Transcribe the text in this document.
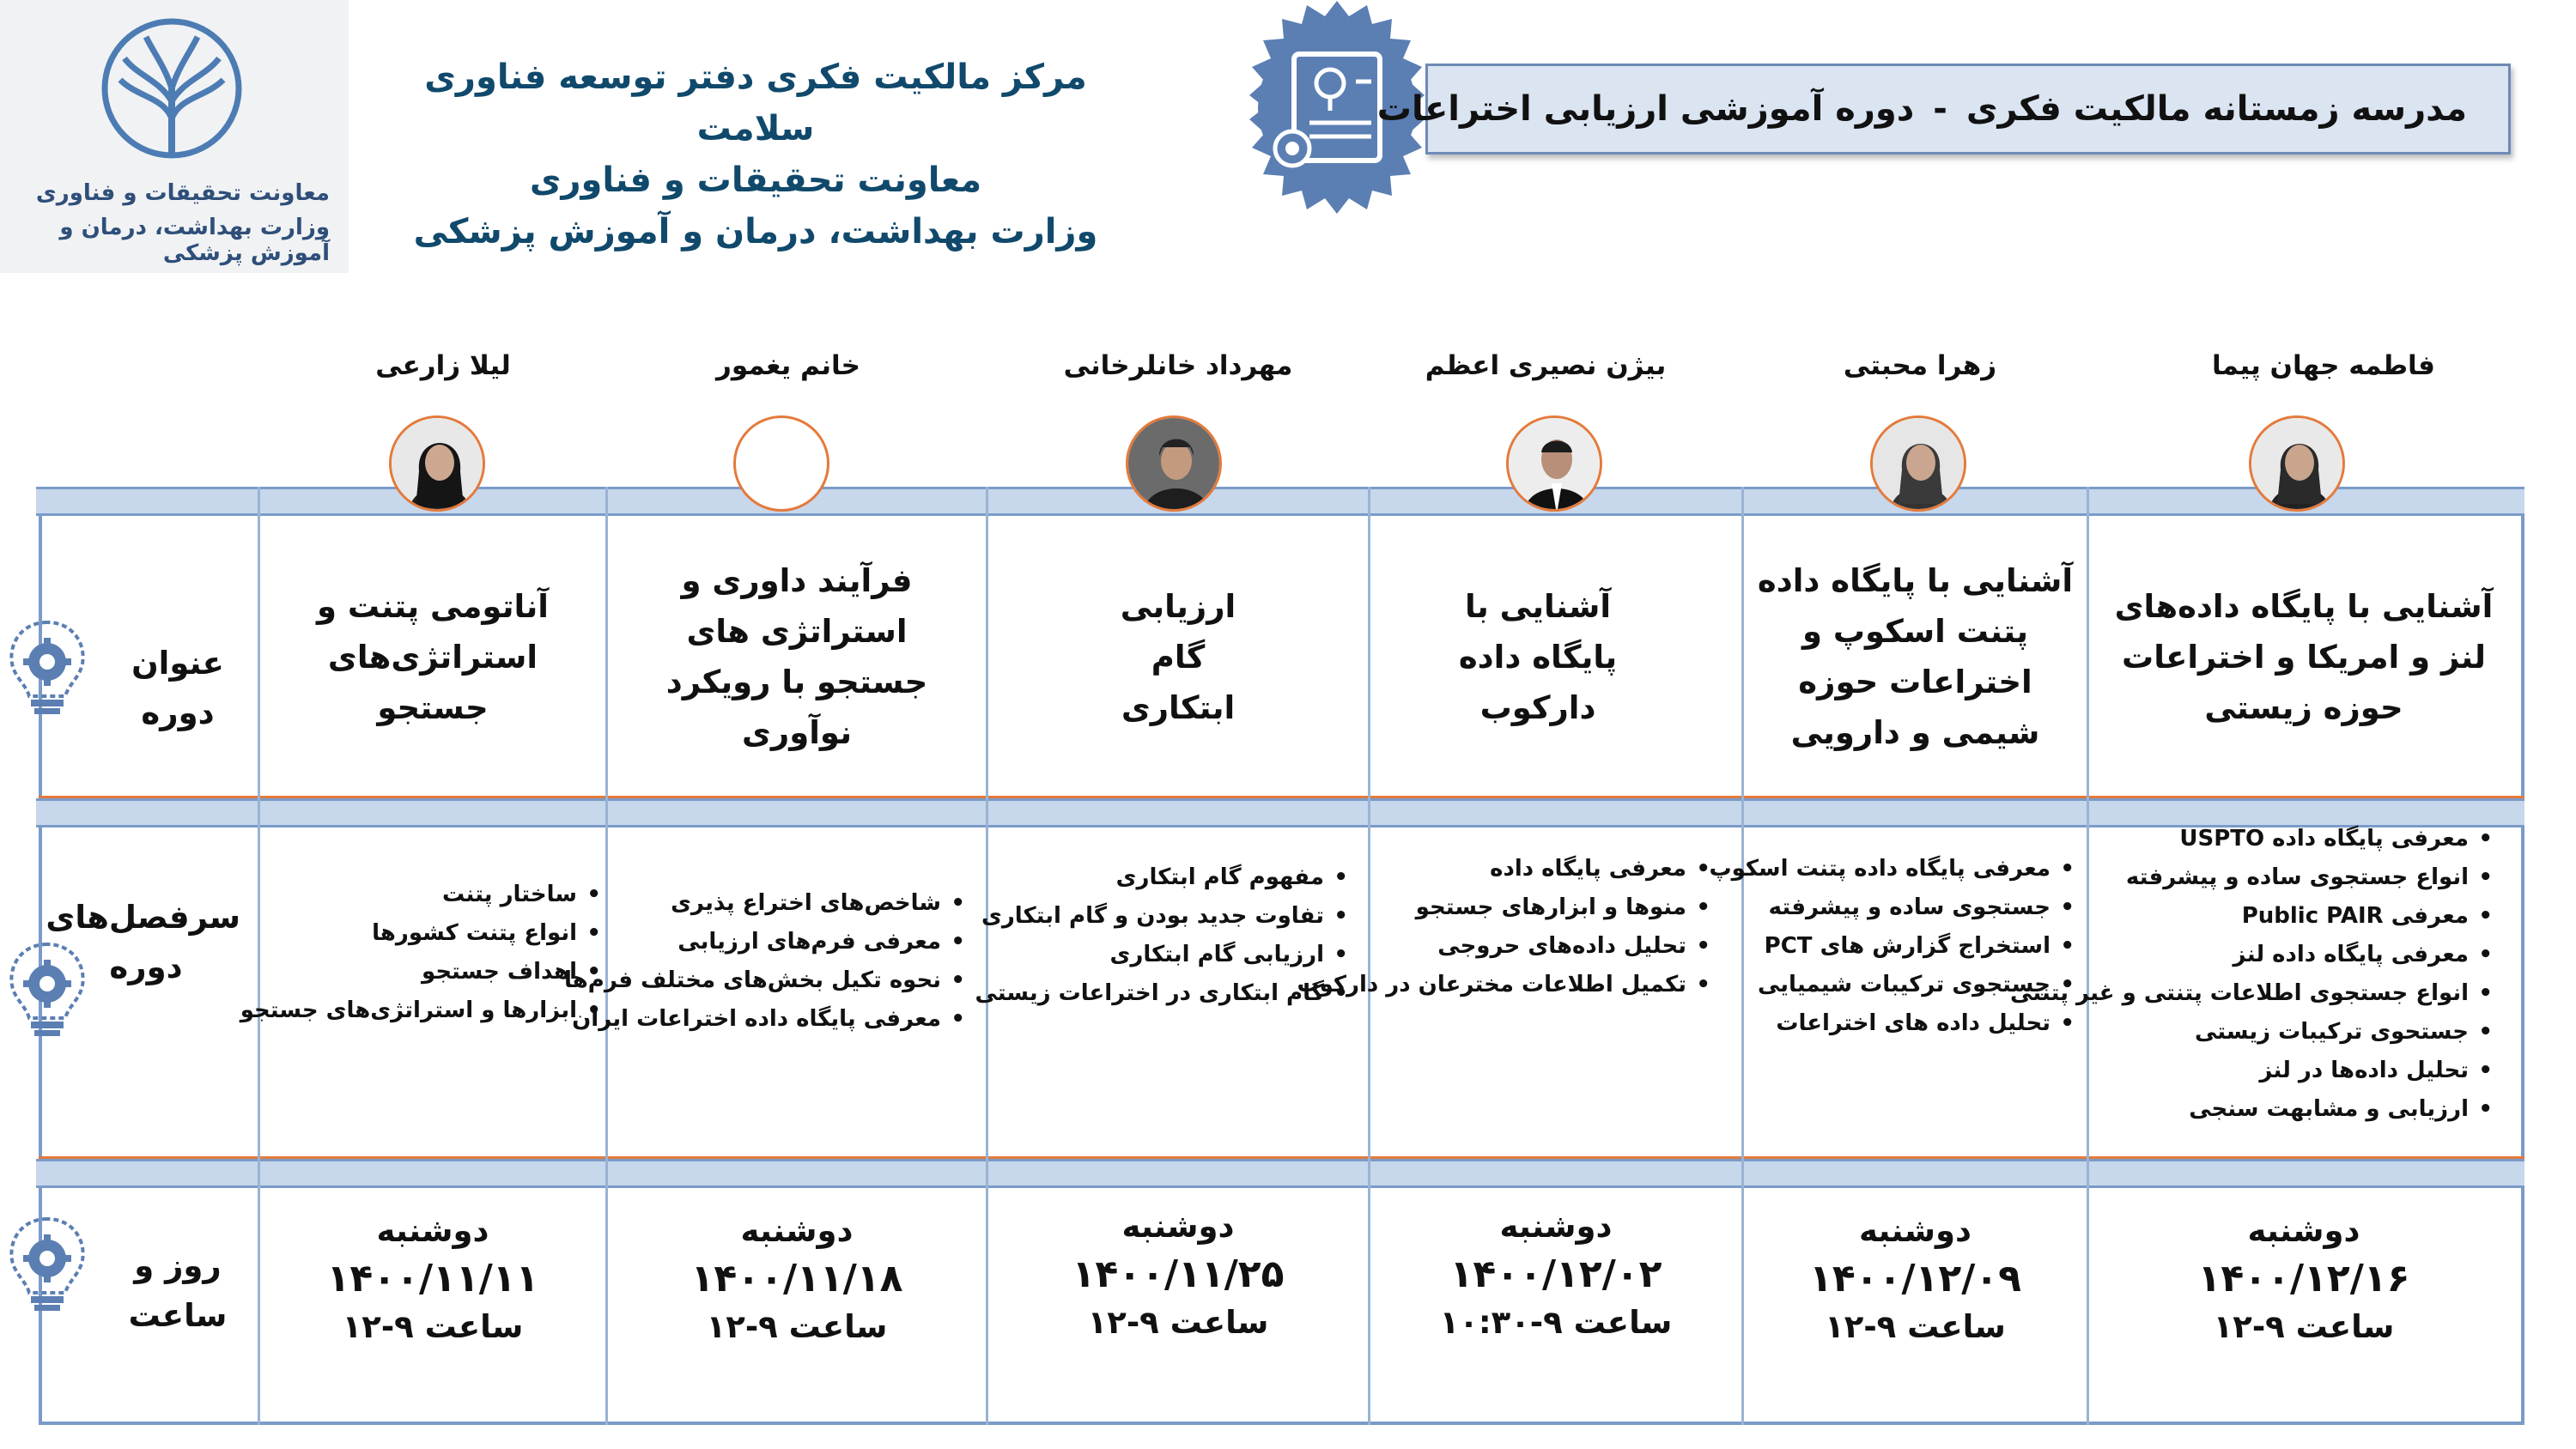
معاونت تحقیقات و فناوری
وزارت بهداشت، درمان و آموزش پزشکی
مرکز مالکیت فکری دفتر توسعه فناوری سلامت
معاونت تحقیقات و فناوری
وزارت بهداشت، درمان و آموزش پزشکی
مدرسه زمستانه مالکیت فکری-دوره آموزشی ارزیابی اختراعات
فاطمه جهان پیما
زهرا محبتی
بیژن نصیری اعظم
مهرداد خانلرخانی
خانم یغمور
لیلا زارعی
عنوان دوره
سرفصل‌های دوره
روز و ساعت
آشنایی با پایگاه داده‌های لنز و امریکا و اختراعات حوزه زیستی
آشنایی با پایگاه داده پتنت اسکوپ و اختراعات حوزه شیمی و دارویی
آشنایی با پایگاه داده دارکوب
ارزیابی گام ابتکاری
فرآیند داوری و استراتژی های جستجو با رویکرد نوآوری
آناتومی پتنت و استراتژی‌های جستجو
• معرفی پایگاه داده USPTO
• انواع جستجوی ساده و پیشرفته
• معرفی Public PAIR
• معرفی پایگاه داده لنز
• انواع جستجوی اطلاعات پتنتی و غیر پتنتی
• جستحوی ترکیبات زیستی
• تحلیل داده‌ها در لنز
• ارزیابی و مشابهت سنجی
• معرفی پایگاه داده پتنت اسکوپ
• جستجوی ساده و پیشرفته
• استخراج گزارش های PCT
• جستجوی ترکیبات شیمیایی
• تحلیل داده های اختراعات
• معرفی پایگاه داده
• منوها و ابزارهای جستجو
• تحلیل داده‌های حروجی
• تکمیل اطلاعات مخترعان در دارکوب
• مفهوم گام ابتکاری
• تفاوت جدید بودن و گام ابتکاری
• ارزیابی گام ابتکاری
• گام ابتکاری در اختراعات زیستی
• شاخص‌های اختراع پذیری
• معرفی فرم‌های ارزیابی
• نحوه تکیل بخش‌های مختلف فرم‌ها
• معرفی پایگاه داده اختراعات ایران
• ساختار پتنت
• انواع پتنت کشورها
• اهداف جستجو
• ابزارها و استراتژی‌های جستجو
دوشنبه
۱۴۰۰/۱۲/۱۶
ساعت ۹-۱۲
دوشنبه
۱۴۰۰/۱۲/۰۹
ساعت ۹-۱۲
دوشنبه
۱۴۰۰/۱۲/۰۲
ساعت ۹-۱۰:۳۰
دوشنبه
۱۴۰۰/۱۱/۲۵
ساعت ۹-۱۲
دوشنبه
۱۴۰۰/۱۱/۱۸
ساعت ۹-۱۲
دوشنبه
۱۴۰۰/۱۱/۱۱
ساعت ۹-۱۲
